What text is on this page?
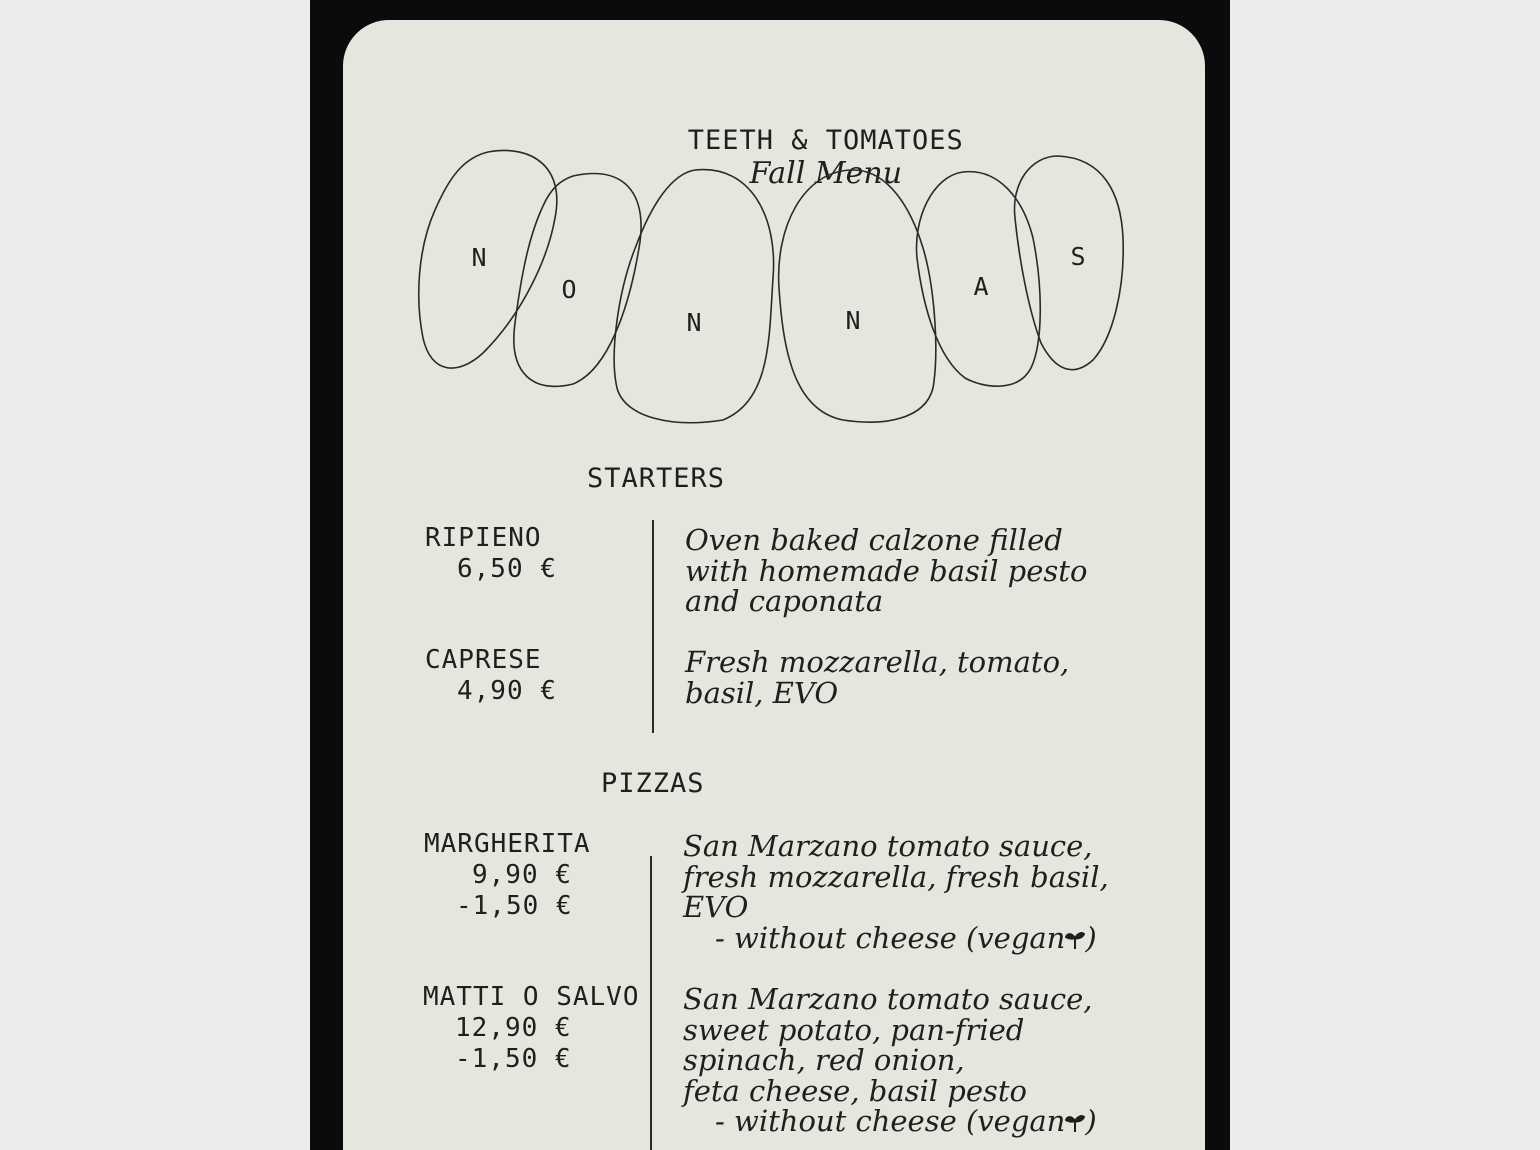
TEETH & TOMATOES
Fall Menu

N
O
N	N
A
S
STARTERS
RIPIENO
6,50 €
Oven baked calzone filled
with homemade basil pesto
and caponata
CAPRESE
4,90 €
Fresh mozzarella, tomato,
basil, EVO
PIZZAS
MARGHERITA
9,90 €
-1,50 €
San Marzano tomato sauce,
fresh mozzarella, fresh basil,
EVO
- without cheese (vegan )
MATTI O SALVO
12,90 €
-1,50 €
San Marzano tomato sauce,
sweet potato, pan-fried
spinach, red onion,
feta cheese, basil pesto
- without cheese (vegan )
